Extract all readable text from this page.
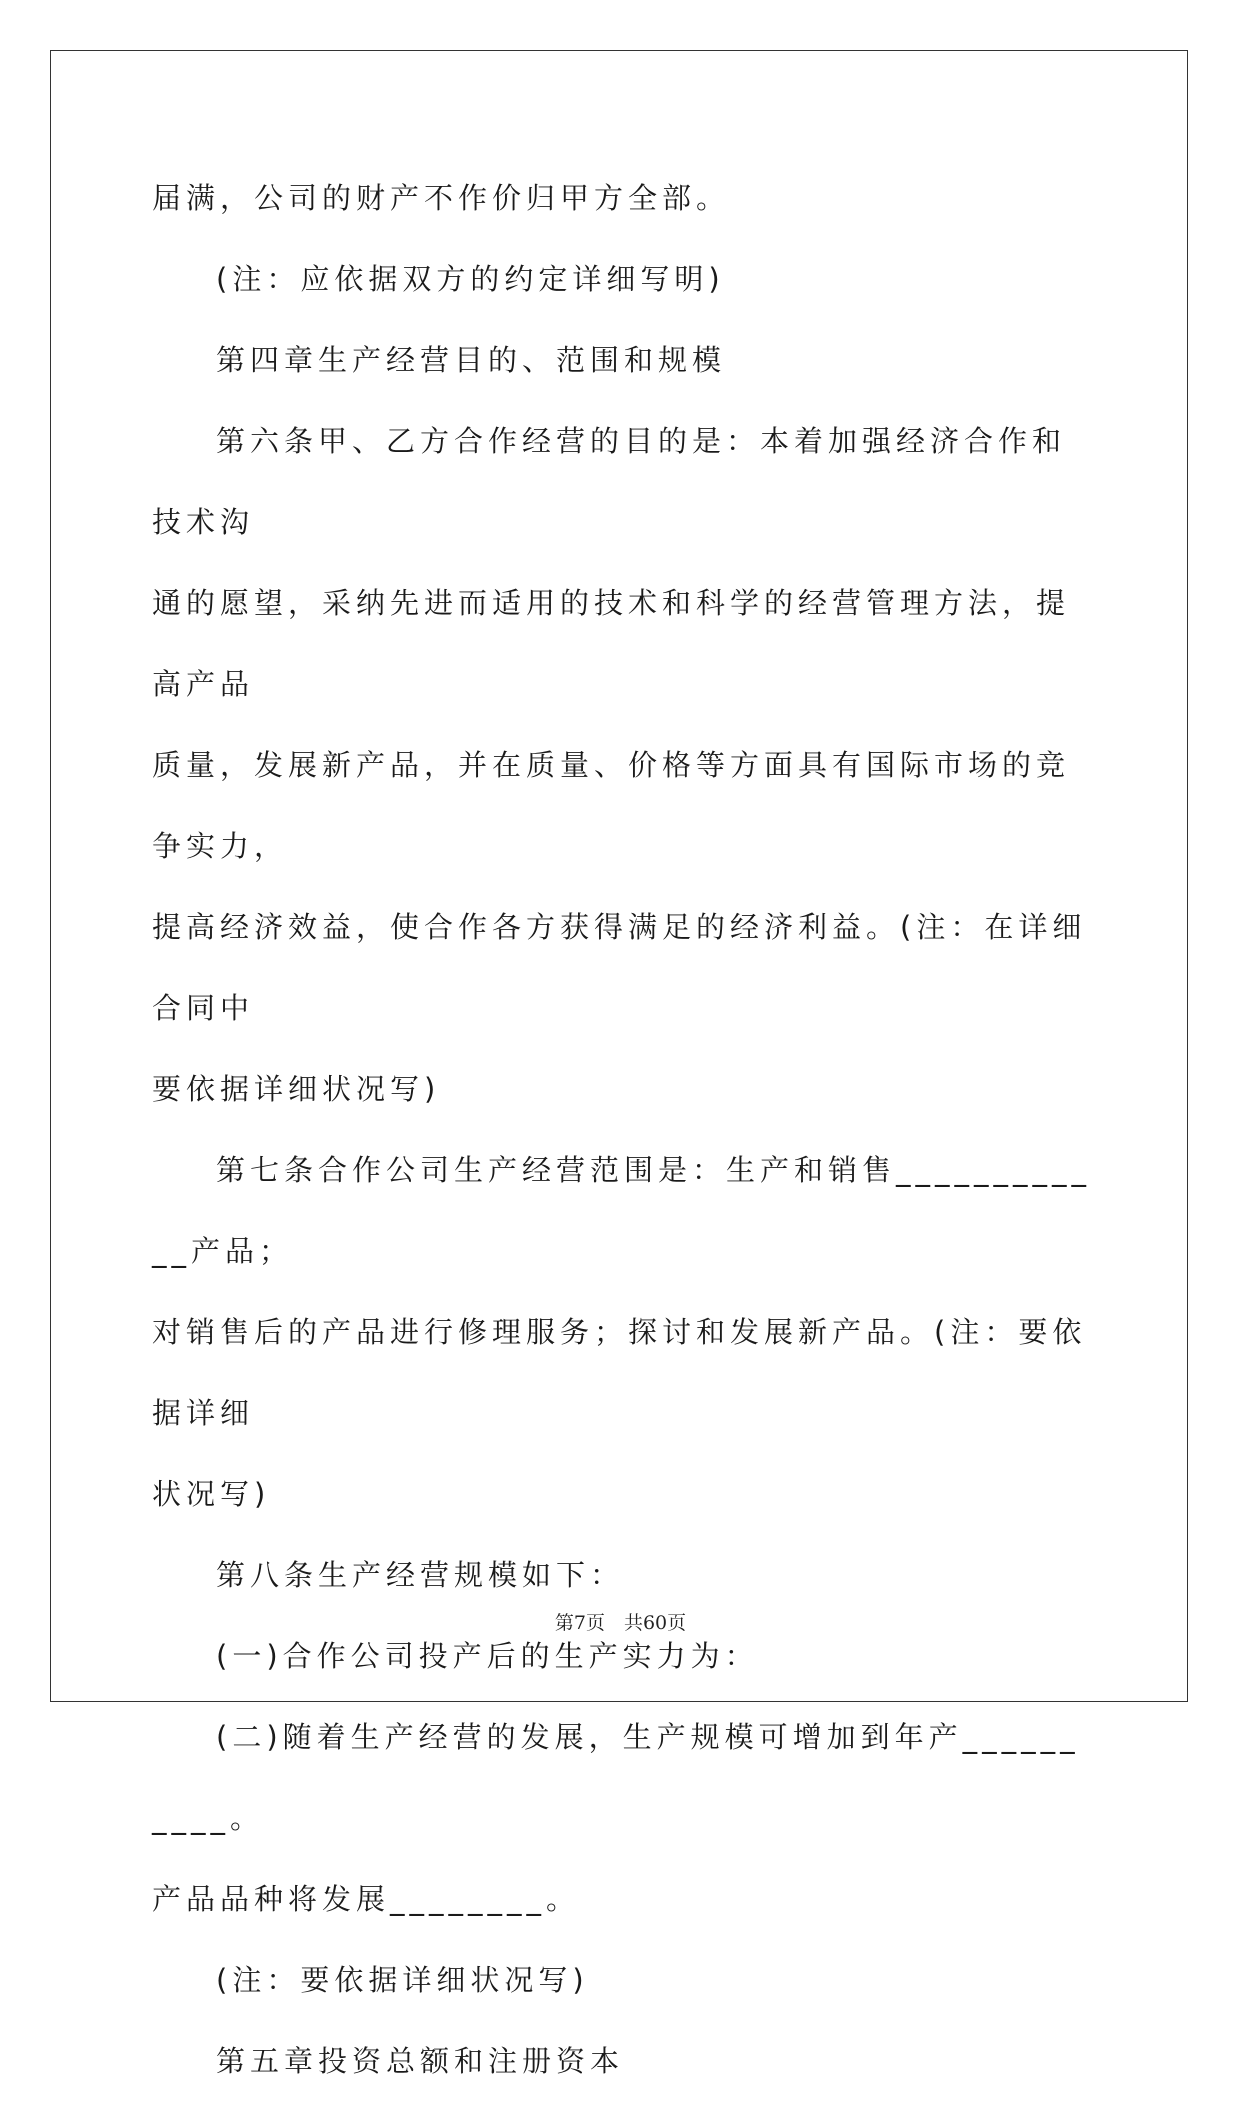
届满，公司的财产不作价归甲方全部。

(注：应依据双方的约定详细写明)

第四章生产经营目的、范围和规模

第六条甲、乙方合作经营的目的是：本着加强经济合作和技术沟

通的愿望，采纳先进而适用的技术和科学的经营管理方法，提高产品

质量，发展新产品，并在质量、价格等方面具有国际市场的竞争实力，

提高经济效益，使合作各方获得满足的经济利益。(注：在详细合同中

要依据详细状况写)

第七条合作公司生产经营范围是：生产和销售____________产品；

对销售后的产品进行修理服务；探讨和发展新产品。(注：要依据详细

状况写)

第八条生产经营规模如下：

(一)合作公司投产后的生产实力为：

(二)随着生产经营的发展，生产规模可增加到年产__________。

产品品种将发展________。

(注：要依据详细状况写)

第五章投资总额和注册资本

第7页　共60页
